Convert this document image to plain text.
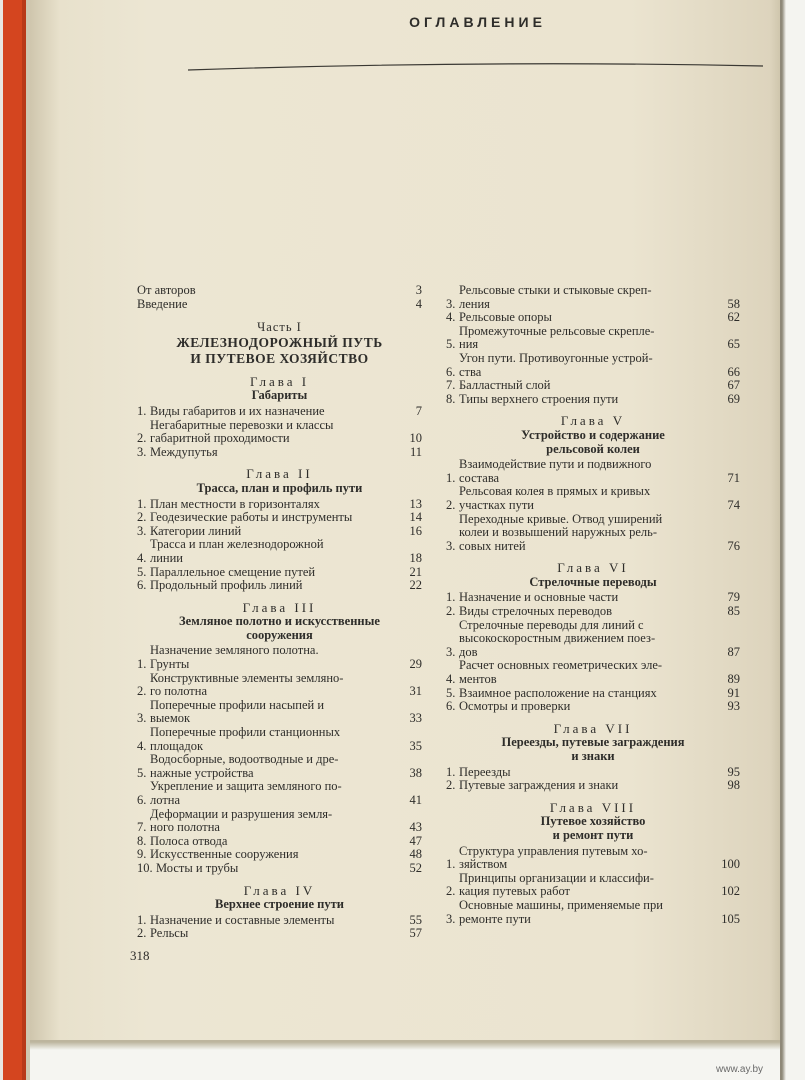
ОГЛАВЛЕНИЕ
От авторов	3
Введение	4
Часть I
ЖЕЛЕЗНОДОРОЖНЫЙ ПУТЬ
И ПУТЕВОЕ ХОЗЯЙСТВО
Глава I
Габариты
1. Виды габаритов и их назначение	7
2.
Негабаритные перевозки и классы
габаритной проходимости	10
3. Междупутья	11
Глава II
Трасса, план и профиль пути
1. План местности в горизонталях	13
2. Геодезические работы и инструменты	14
3. Категории линий	16
4.
Трасса и план железнодорожной
линии	18
5. Параллельное смещение путей	21
6. Продольный профиль линий	22
Глава III
Земляное полотно и искусственные
сооружения
1.
Назначение земляного полотна.
Грунты	29
2.
Конструктивные элементы земляно-
го полотна	31
3.
Поперечные профили насыпей и
выемок	33
4.
Поперечные профили станционных
площадок	35
5.
Водосборные, водоотводные и дре-
нажные устройства	38
6.
Укрепление и защита земляного по-
лотна	41
7.
Деформации и разрушения земля-
ного полотна	43
8. Полоса отвода	47
9. Искусственные сооружения	48
10. Мосты и трубы	52
Глава IV
Верхнее строение пути
1. Назначение и составные элементы	55
2. Рельсы	57
3.
Рельсовые стыки и стыковые скреп-
ления	58
4. Рельсовые опоры	62
5.
Промежуточные рельсовые скрепле-
ния	65
6.
Угон пути. Противоугонные устрой-
ства	66
7. Балластный слой	67
8. Типы верхнего строения пути	69
Глава V
Устройство и содержание
рельсовой колеи
1.
Взаимодействие пути и подвижного
состава	71
2.
Рельсовая колея в прямых и кривых
участках пути	74
3.
Переходные кривые. Отвод уширений
колеи и возвышений наружных рель-
совых нитей	76
Глава VI
Стрелочные переводы
1. Назначение и основные части	79
2. Виды стрелочных переводов	85
3.
Стрелочные переводы для линий с
высокоскоростным движением поез-
дов	87
4.
Расчет основных геометрических эле-
ментов	89
5. Взаимное расположение на станциях	91
6. Осмотры и проверки	93
Глава VII
Переезды, путевые заграждения
и знаки
1. Переезды	95
2. Путевые заграждения и знаки	98
Глава VIII
Путевое хозяйство
и ремонт пути
1.
Структура управления путевым хо-
зяйством	100
2.
Принципы организации и классифи-
кация путевых работ	102
3.
Основные машины, применяемые при
ремонте пути	105
318
www.ay.by
